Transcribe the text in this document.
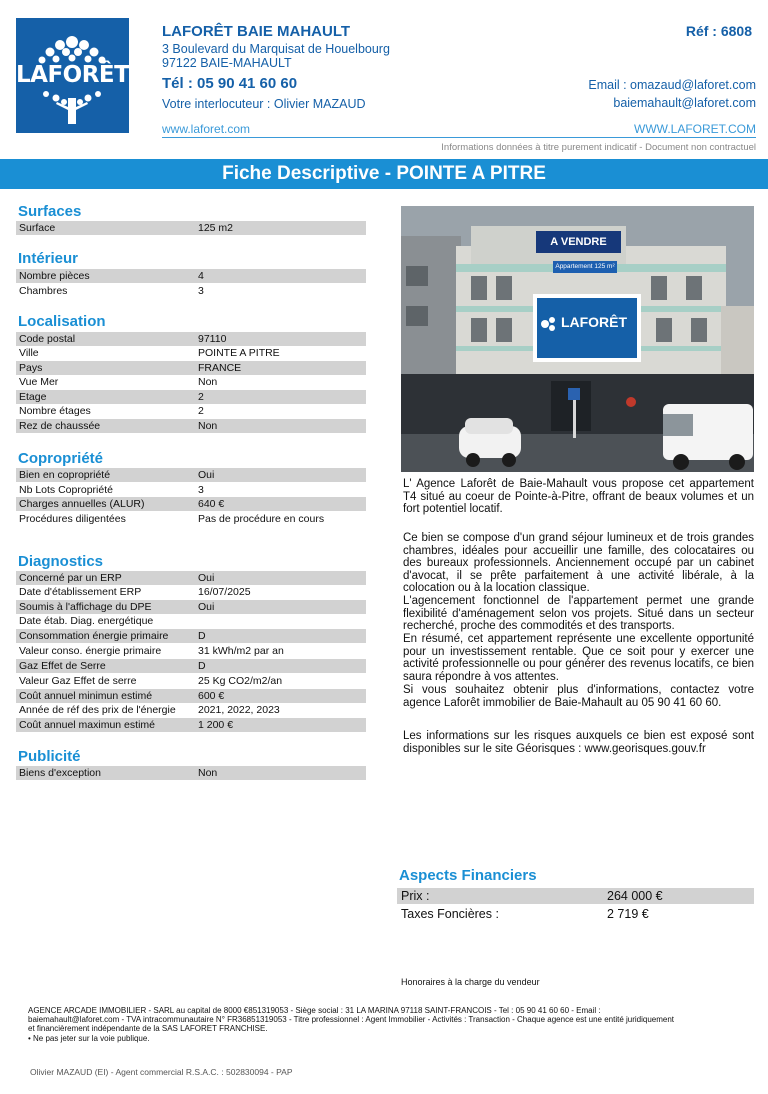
LAFORÊT
LAFORÊT BAIE MAHAULT
3 Boulevard du Marquisat de Houelbourg
97122 BAIE-MAHAULT
Tél : 05 90 41 60 60
Votre interlocuteur : Olivier MAZAUD
www.laforet.com
Réf : 6808
Email : omazaud@laforet.com
baiemahault@laforet.com
WWW.LAFORET.COM
Informations données à titre purement indicatif - Document non contractuel
Fiche Descriptive - POINTE A PITRE
Surfaces
Surface	125 m2
Intérieur
Nombre pièces	4
Chambres	3
Localisation
Code postal	97110
Ville	POINTE A PITRE
Pays	FRANCE
Vue Mer	Non
Etage	2
Nombre étages	2
Rez de chaussée	Non
Copropriété
Bien en copropriété	Oui
Nb Lots Copropriété	3
Charges annuelles (ALUR)	640 €
Procédures diligentées	Pas de procédure en cours
Diagnostics
Concerné par un ERP	Oui
Date d'établissement ERP	16/07/2025
Soumis à l'affichage du DPE	Oui
Date étab. Diag. energétique
Consommation énergie primaire	D
Valeur conso. énergie primaire	31 kWh/m2 par an
Gaz Effet de Serre	D
Valeur Gaz Effet de serre	25 Kg CO2/m2/an
Coût annuel minimun estimé	600 €
Année de réf des prix de l'énergie 2021, 2022, 2023
Coût annuel maximun estimé	1 200 €
Publicité
Biens d'exception	Non
A VENDRE
Appartement 125 m²
LAFORÊT
L' Agence Laforêt de Baie-Mahault vous propose cet appartement T4 situé au coeur de Pointe-à-Pitre, offrant de beaux volumes et un fort potentiel locatif.
Ce bien se compose d'un grand séjour lumineux et de trois grandes chambres, idéales pour accueillir une famille, des colocataires ou des bureaux professionnels. Anciennement occupé par un cabinet d'avocat, il se prête parfaitement à une activité libérale, à la colocation ou à la location classique.
L'agencement fonctionnel de l'appartement permet une grande flexibilité d'aménagement selon vos projets. Situé dans un secteur recherché, proche des commodités et des transports.
En résumé, cet appartement représente une excellente opportunité pour un investissement rentable. Que ce soit pour y exercer une activité professionnelle ou pour générer des revenus locatifs, ce bien saura répondre à vos attentes.
Si vous souhaitez obtenir plus d'informations, contactez votre agence Laforêt immobilier de Baie-Mahault au 05 90 41 60 60.
Les informations sur les risques auxquels ce bien est exposé sont disponibles sur le site Géorisques : www.georisques.gouv.fr
Aspects Financiers
Prix :	264 000 €
Taxes Foncières :	2 719 €
Honoraires à la charge du vendeur
AGENCE ARCADE IMMOBILIER - SARL au capital de 8000 €851319053 - Siège social : 31 LA MARINA 97118 SAINT-FRANCOIS - Tel : 05 90 41 60 60 - Email :
baiemahault@laforet.com - TVA intracommunautaire N° FR36851319053 - Titre professionnel : Agent Immobilier - Activités : Transaction - Chaque agence est une entité juridiquement
et financièrement indépendante de la SAS LAFORET FRANCHISE.
• Ne pas jeter sur la voie publique.
Olivier MAZAUD (EI) - Agent commercial R.S.A.C. : 502830094 - PAP
